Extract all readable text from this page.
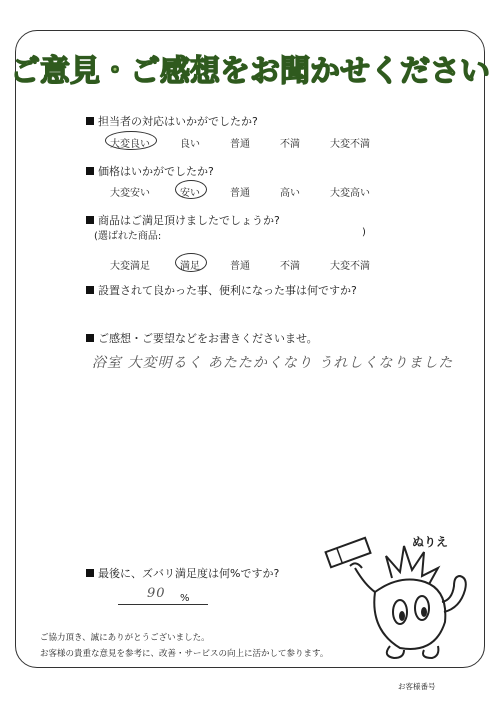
ご意見・ご感想をお聞かせください
担当者の対応はいかがでしたか?
大変良い	良い	普通	不満	大変不満
価格はいかがでしたか?
大変安い	安い	普通	高い	大変高い
商品はご満足頂けましたでしょうか?
(選ばれた商品:	)
大変満足	満足	普通	不満	大変不満
設置されて良かった事、便利になった事は何ですか?
ご感想・ご要望などをお書きくださいませ。
浴室 大変明るく あたたかくなり うれしくなりました
最後に、ズバリ満足度は何%ですか?
90 %
ぬりえ
ご協力頂き、誠にありがとうございました。
お客様の貴重な意見を参考に、改善・サービスの向上に活かして参ります。
お客様番号
